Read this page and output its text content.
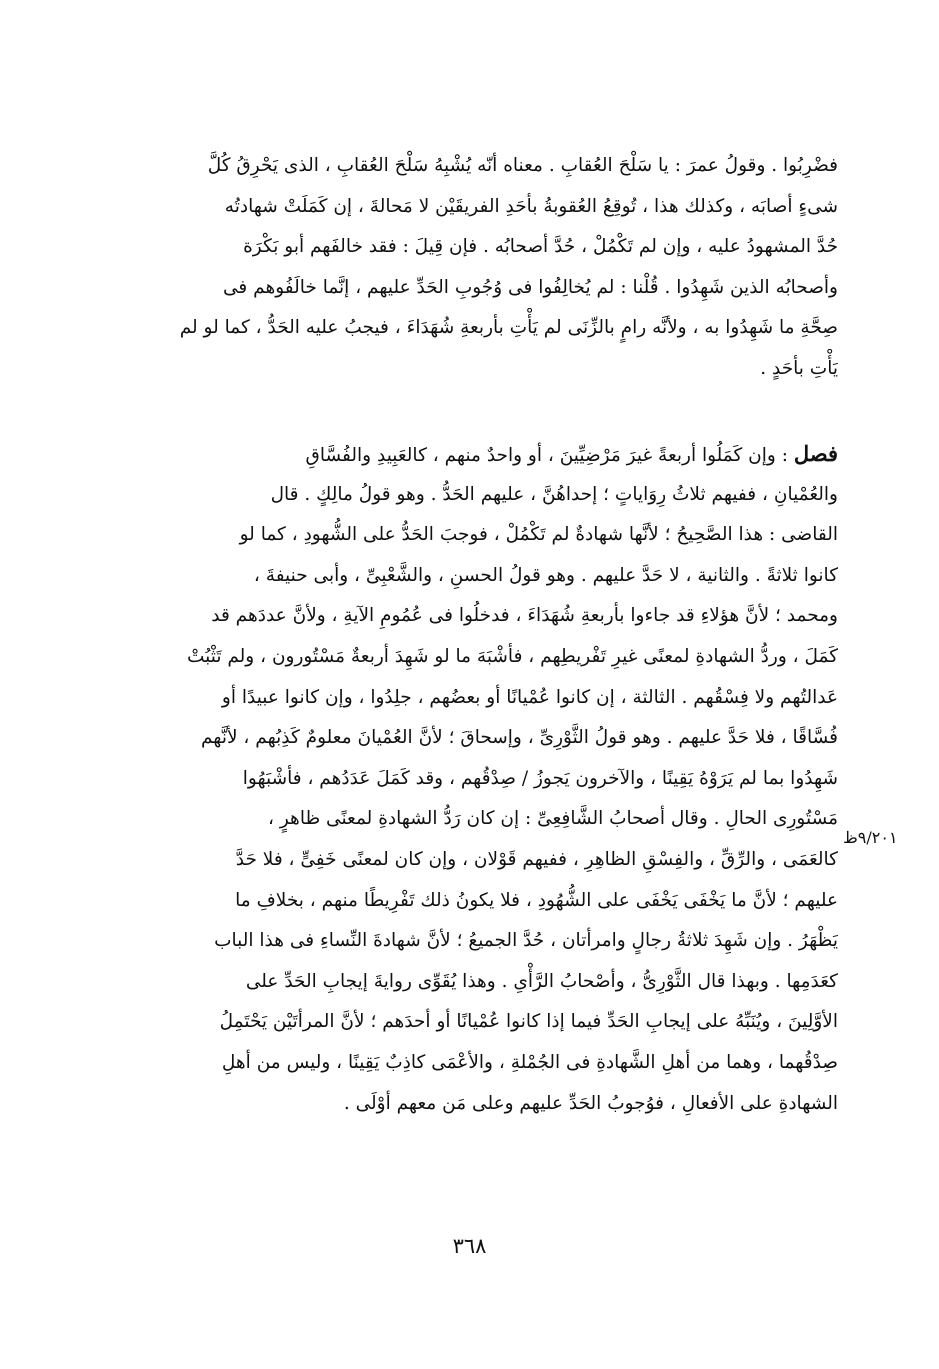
فضْرِبُوا . وقولُ عمرَ : يا سَلْحَ العُقابِ . معناه أنّه يُشْبِهُ سَلْحَ العُقابِ ، الذى يَحْرِقُ كُلَّ
شىءٍ أصابَه ، وكذلك هذا ، تُوقِعُ العُقوبةُ بأحَدِ الفريقَيْن لا مَحالةَ ، إن كَمَلَتْ شهادتُه
حُدَّ المشهودُ عليه ، وإن لم تَكْمُلْ ، حُدَّ أصحابُه . فإن قِيلَ : فقد خالفَهم أبو بَكْرَة
وأصحابُه الذين شَهِدُوا . قُلْنا : لم يُخالِفُوا فى وُجُوبِ الحَدِّ عليهم ، إنَّما خالَفُوهم فى
صِحَّةِ ما شَهِدُوا به ، ولأنَّه رامٍ بالزِّنَى لم يَأْتِ بأربعةِ شُهَدَاءَ ، فيجبُ عليه الحَدُّ ، كما لو لم
يَأْتِ بأحَدٍ .
فصل : وإن كَمَلُوا أربعةً غيرَ مَرْضِيِّينَ ، أو واحدٌ منهم ، كالعَبِيدِ والفُسَّاقِ
والعُمْيانِ ، ففيهم ثلاثُ رِوَاياتٍ ؛ إحداهُنَّ ، عليهم الحَدُّ . وهو قولُ مالِكٍ . قال
القاضى : هذا الصَّحِيحُ ؛ لأنَّها شهادةٌ لم تَكْمُلْ ، فوجبَ الحَدُّ على الشُّهودِ ، كما لو
كانوا ثلاثةً . والثانية ، لا حَدَّ عليهم . وهو قولُ الحسنِ ، والشَّعْبِىِّ ، وأبى حنيفةَ ،
ومحمد ؛ لأنَّ هؤلاءِ قد جاءوا بأربعةِ شُهَدَاءَ ، فدخلُوا فى عُمُومِ الآيةِ ، ولأنَّ عددَهم قد
كَمَلَ ، وردُّ الشهادةِ لمعنًى غيرِ تَفْريطِهم ، فأشْبَهَ ما لو شَهِدَ أربعةٌ مَسْتُورون ، ولم تَثْبُتْ
عَدالتُهم ولا فِسْقُهم . الثالثة ، إن كانوا عُمْيانًا أو بعضُهم ، جلِدُوا ، وإن كانوا عبيدًا أو
فُسَّاقًا ، فلا حَدَّ عليهم . وهو قولُ الثَّوْرِىِّ ، وإسحاقَ ؛ لأنَّ العُمْيانَ معلومٌ كَذِبُهم ، لأنَّهم
شَهِدُوا بما لم يَرَوْهُ يَقِينًا ، والآخرون يَجوزُ / صِدْقُهم ، وقد كَمَلَ عَدَدُهم ، فأشْبَهُوا
مَسْتُورِى الحالِ . وقال أصحابُ الشَّافِعِىِّ : إن كان رَدُّ الشهادةِ لمعنًى ظاهرٍ ،
كالعَمَى ، والرِّقِّ ، والفِسْقِ الظاهِرِ ، ففيهم قَوْلان ، وإن كان لمعنًى خَفِىٍّ ، فلا حَدَّ
عليهم ؛ لأنَّ ما يَخْفَى يَخْفَى على الشُّهُودِ ، فلا يكونُ ذلك تَفْرِيطًا منهم ، بخلافِ ما
يَظْهَرُ . وإن شَهِدَ ثلاثةُ رجالٍ وامرأتان ، حُدَّ الجميعُ ؛ لأنَّ شهادةَ النِّساءِ فى هذا الباب
كعَدَمِها . وبهذا قال الثَّوْرِىُّ ، وأصْحابُ الرَّأْىِ . وهذا يُقَوِّى روايةَ إيجابِ الحَدِّ على
الأوَّلِينَ ، ويُنَبِّهُ على إيجابِ الحَدِّ فيما إذا كانوا عُمْيانًا أو أحدَهم ؛ لأنَّ المرأتَيْن يَحْتَمِلُ
صِدْقُهما ، وهما من أهلِ الشَّهادةِ فى الجُمْلةِ ، والأعْمَى كاذِبٌ يَقِينًا ، وليس من أهلِ
الشهادةِ على الأفعالِ ، فوُجوبُ الحَدِّ عليهم وعلى مَن معهم أوْلَى .
٩/٢٠١ظ
٣٦٨
